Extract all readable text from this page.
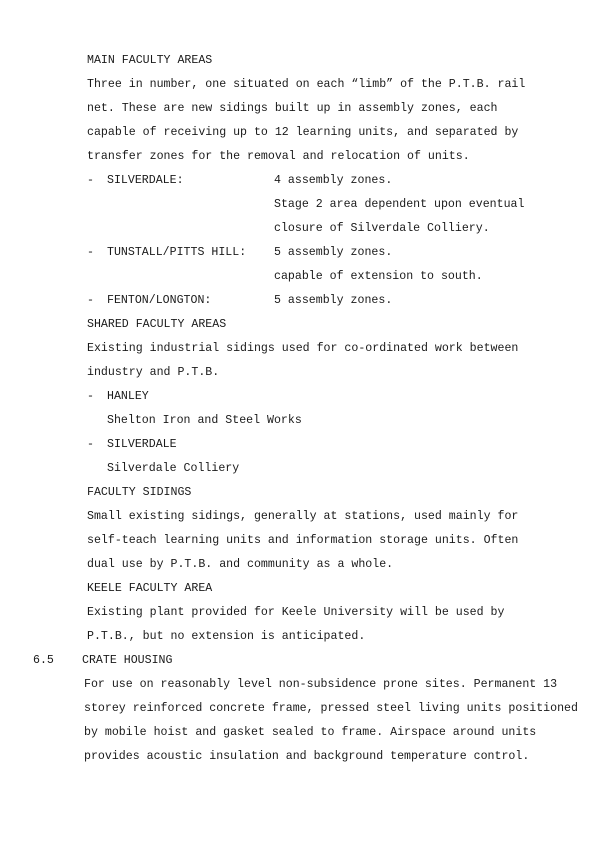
MAIN FACULTY AREAS
Three in number, one situated on each “limb” of the P.T.B. rail
net. These are new sidings built up in assembly zones, each
capable of receiving up to 12 learning units, and separated by
transfer zones for the removal and relocation of units.
- SILVERDALE:	4 assembly zones.
Stage 2 area dependent upon eventual
closure of Silverdale Colliery.
- TUNSTALL/PITTS HILL: 5 assembly zones.
capable of extension to south.
- FENTON/LONGTON:	5 assembly zones.
SHARED FACULTY AREAS
Existing industrial sidings used for co-ordinated work between
industry and P.T.B.
- HANLEY
Shelton Iron and Steel Works
- SILVERDALE
Silverdale Colliery
FACULTY SIDINGS
Small existing sidings, generally at stations, used mainly for
self-teach learning units and information storage units. Often
dual use by P.T.B. and community as a whole.
KEELE FACULTY AREA
Existing plant provided for Keele University will be used by
P.T.B., but no extension is anticipated.
6.5 CRATE HOUSING
For use on reasonably level non-subsidence prone sites. Permanent 13
storey reinforced concrete frame, pressed steel living units positioned
by mobile hoist and gasket sealed to frame. Airspace around units
provides acoustic insulation and background temperature control.
